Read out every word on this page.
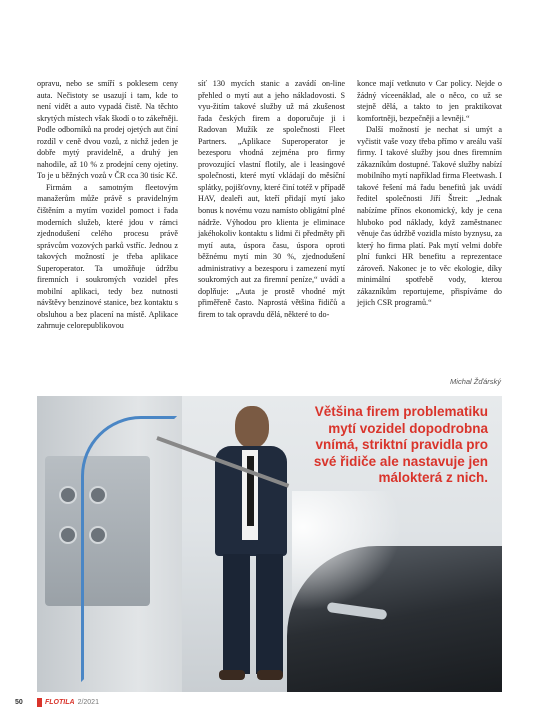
opravu, nebo se smíří s poklesem ceny auta. Nečistoty se usazují i tam, kde to není vidět a auto vypadá čistě. Na těchto skrytých místech však škodí o to zákeřněji. Podle odborníků na prodej ojetých aut činí rozdíl v ceně dvou vozů, z nichž jeden je dobře mytý pravidelně, a druhý jen nahodile, až 10 % z prodejní ceny ojetiny. To je u běžných vozů v ČR cca 30 tisíc Kč.

Firmám a samotným fleetovým manažerům může právě s pravidelným čištěním a mytím vozidel pomoct i řada moderních služeb, které jdou v rámci zjednodušení celého procesu právě správcům vozových parků vstříc. Jednou z takových možností je třeba aplikace Superoperator. Ta umožňuje údržbu firemních i soukromých vozidel přes mobilní aplikaci, tedy bez nutnosti návštěvy benzinové stanice, bez kontaktu s obsluhou a bez placení na místě. Aplikace zahrnuje celorepublikovou

síť 130 mycích stanic a zavádí on-line přehled o mytí aut a jeho nákladovosti. S vyu-žitím takové služby už má zkušenost řada českých firem a doporučuje ji i Radovan Mužík ze společnosti Fleet Partners. „Aplikace Superoperator je bezesporu vhodná zejména pro firmy provozující vlastní flotily, ale i leasingové společnosti, které mytí vkládají do měsíční splátky, pojišťovny, které činí totéž v případě HAV, dealeři aut, kteří přidají mytí jako bonus k novému vozu namísto obligátní plné nádrže. Výhodou pro klienta je eliminace jakéhokoliv kontaktu s lidmi či předměty při mytí auta, úspora času, úspora oproti běžnému mytí min 30 %, zjednodušení administrativy a bezesporu i zamezení mytí soukromých aut za firemní peníze,“ uvádí a doplňuje: „Auta je prostě vhodné mýt přiměřeně často. Naprostá většina řidičů a firem to tak opravdu dělá, některé to do-

konce mají vetknuto v Car policy. Nejde o žádný víceenáklad, ale o něco, co už se stejně dělá, a takto to jen praktikovat komfortněji, bezpečněji a levněji.“

Další možností je nechat si umýt a vyčistit vaše vozy třeba přímo v areálu vaší firmy. I takové služby jsou dnes firemním zákazníkům dostupné. Takové služby nabízí mobilního mytí například firma Fleetwash. I takové řešení má řadu benefitů jak uvádí ředitel společnosti Jiří Štreit: „Jednak nabízíme přínos ekonomický, kdy je cena hluboko pod náklady, když zaměstnanec věnuje čas údržbě vozidla místo byznysu, za který ho firma platí. Pak mytí velmi dobře plní funkci HR benefitu a reprezentace zároveň. Nakonec je to věc ekologie, díky minimální spotřebě vody, kterou zákazníkům reportujeme, přispíváme do jejich CSR programů.“

Michal Žďárský
Většina firem problematiku mytí vozidel dopodrobna vnímá, striktní pravidla pro své řidiče ale nastavuje jen málokterá z nich.
50	FLOTILA 2/2021
